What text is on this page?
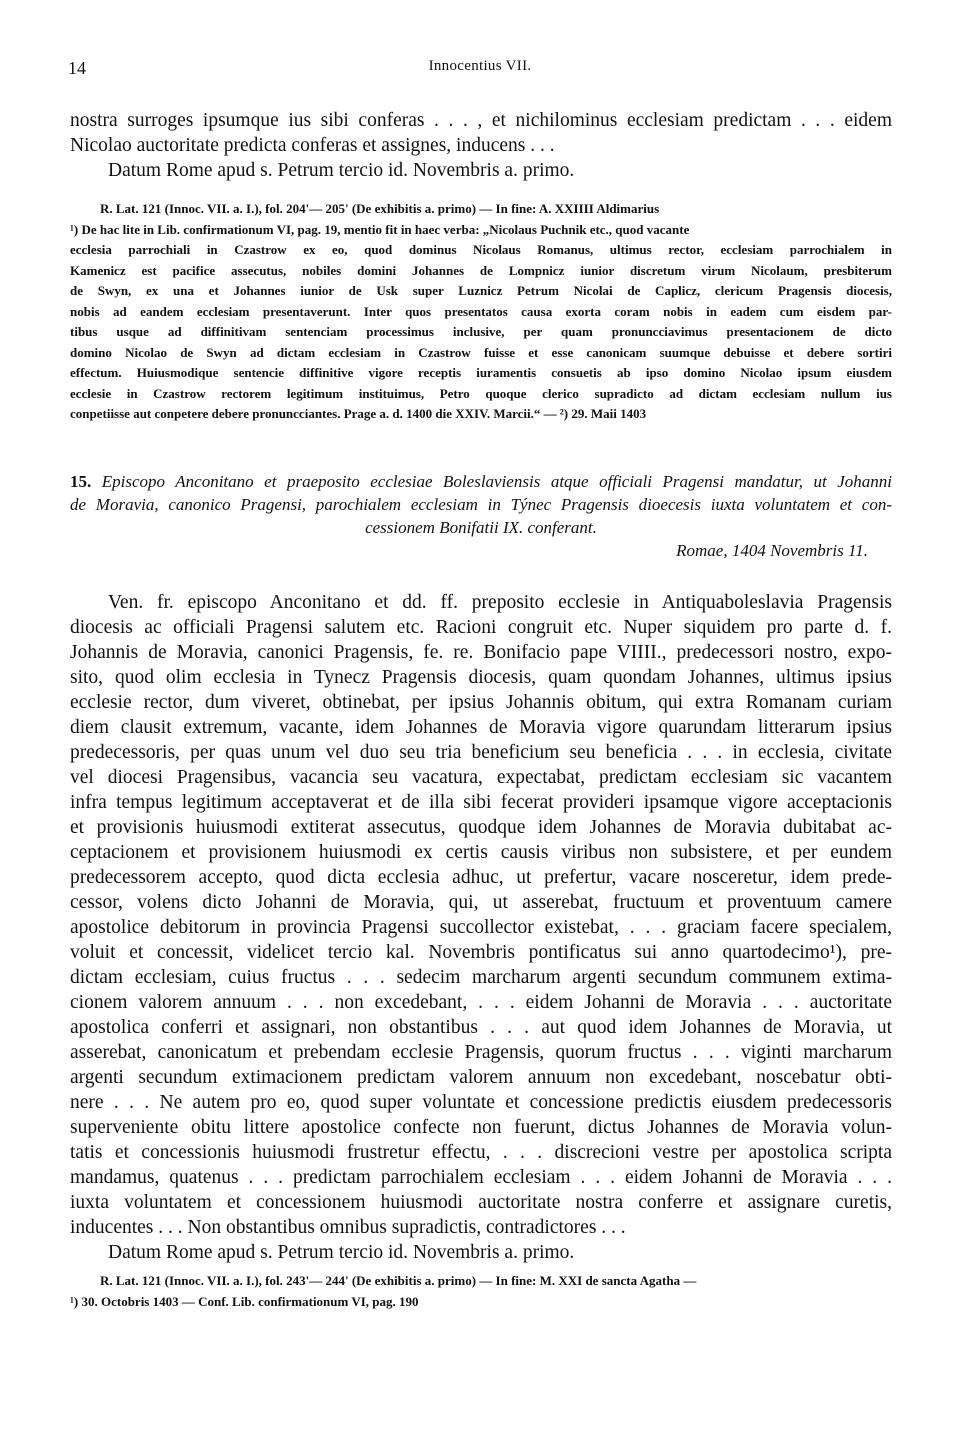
14	Innocentius VII.
nostra surroges ipsumque ius sibi conferas . . . , et nichilominus ecclesiam predictam . . . eidem
Nicolao auctoritate predicta conferas et assignes, inducens . . .
Datum Rome apud s. Petrum tercio id. Novembris a. primo.
R. Lat. 121 (Innoc. VII. a. I.), fol. 204'— 205' (De exhibitis a. primo) — In fine: A. XXIIII Aldimarius
¹) De hac lite in Lib. confirmationum VI, pag. 19, mentio fit in haec verba: „Nicolaus Puchnik etc., quod vacante
ecclesia parrochiali in Czastrow ex eo, quod dominus Nicolaus Romanus, ultimus rector, ecclesiam parrochialem in
Kamenicz est pacifice assecutus, nobiles domini Johannes de Lompnicz iunior discretum virum Nicolaum, presbiterum
de Swyn, ex una et Johannes iunior de Usk super Luznicz Petrum Nicolai de Caplicz, clericum Pragensis diocesis,
nobis ad eandem ecclesiam presentaverunt. Inter quos presentatos causa exorta coram nobis in eadem cum eisdem par-
tibus usque ad diffinitivam sentenciam processimus inclusive, per quam pronuncciavimus presentacionem de dicto
domino Nicolao de Swyn ad dictam ecclesiam in Czastrow fuisse et esse canonicam suumque debuisse et debere sortiri
effectum. Huiusmodique sentencie diffinitive vigore receptis iuramentis consuetis ab ipso domino Nicolao ipsum eiusdem
ecclesie in Czastrow rectorem legitimum instituimus, Petro quoque clerico supradicto ad dictam ecclesiam nullum ius
conpetiisse aut conpetere debere pronuncciantes. Prage a. d. 1400 die XXIV. Marcii.“ — ²) 29. Maii 1403
15. Episcopo Anconitano et praeposito ecclesiae Boleslaviensis atque officiali Pragensi mandatur, ut Johanni
de Moravia, canonico Pragensi, parochialem ecclesiam in Týnec Pragensis dioecesis iuxta voluntatem et con-
cessionem Bonifatii IX. conferant.
Romae, 1404 Novembris 11.
Ven. fr. episcopo Anconitano et dd. ff. preposito ecclesie in Antiquaboleslavia Pragensis
diocesis ac officiali Pragensi salutem etc. Racioni congruit etc. Nuper siquidem pro parte d. f.
Johannis de Moravia, canonici Pragensis, fe. re. Bonifacio pape VIIII., predecessori nostro, expo-
sito, quod olim ecclesia in Tynecz Pragensis diocesis, quam quondam Johannes, ultimus ipsius
ecclesie rector, dum viveret, obtinebat, per ipsius Johannis obitum, qui extra Romanam curiam
diem clausit extremum, vacante, idem Johannes de Moravia vigore quarundam litterarum ipsius
predecessoris, per quas unum vel duo seu tria beneficium seu beneficia . . . in ecclesia, civitate
vel diocesi Pragensibus, vacancia seu vacatura, expectabat, predictam ecclesiam sic vacantem
infra tempus legitimum acceptaverat et de illa sibi fecerat provideri ipsamque vigore acceptacionis
et provisionis huiusmodi extiterat assecutus, quodque idem Johannes de Moravia dubitabat ac-
ceptacionem et provisionem huiusmodi ex certis causis viribus non subsistere, et per eundem
predecessorem accepto, quod dicta ecclesia adhuc, ut prefertur, vacare nosceretur, idem prede-
cessor, volens dicto Johanni de Moravia, qui, ut asserebat, fructuum et proventuum camere
apostolice debitorum in provincia Pragensi succollector existebat, . . . graciam facere specialem,
voluit et concessit, videlicet tercio kal. Novembris pontificatus sui anno quartodecimo¹), pre-
dictam ecclesiam, cuius fructus . . . sedecim marcharum argenti secundum communem extima-
cionem valorem annuum . . . non excedebant, . . . eidem Johanni de Moravia . . . auctoritate
apostolica conferri et assignari, non obstantibus . . . aut quod idem Johannes de Moravia, ut
asserebat, canonicatum et prebendam ecclesie Pragensis, quorum fructus . . . viginti marcharum
argenti secundum extimacionem predictam valorem annuum non excedebant, noscebatur obti-
nere . . . Ne autem pro eo, quod super voluntate et concessione predictis eiusdem predecessoris
superveniente obitu littere apostolice confecte non fuerunt, dictus Johannes de Moravia volun-
tatis et concessionis huiusmodi frustretur effectu, . . . discrecioni vestre per apostolica scripta
mandamus, quatenus . . . predictam parrochialem ecclesiam . . . eidem Johanni de Moravia . . .
iuxta voluntatem et concessionem huiusmodi auctoritate nostra conferre et assignare curetis,
inducentes . . . Non obstantibus omnibus supradictis, contradictores . . .
Datum Rome apud s. Petrum tercio id. Novembris a. primo.
R. Lat. 121 (Innoc. VII. a. I.), fol. 243'— 244' (De exhibitis a. primo) — In fine: M. XXI de sancta Agatha —
¹) 30. Octobris 1403 — Conf. Lib. confirmationum VI, pag. 190
